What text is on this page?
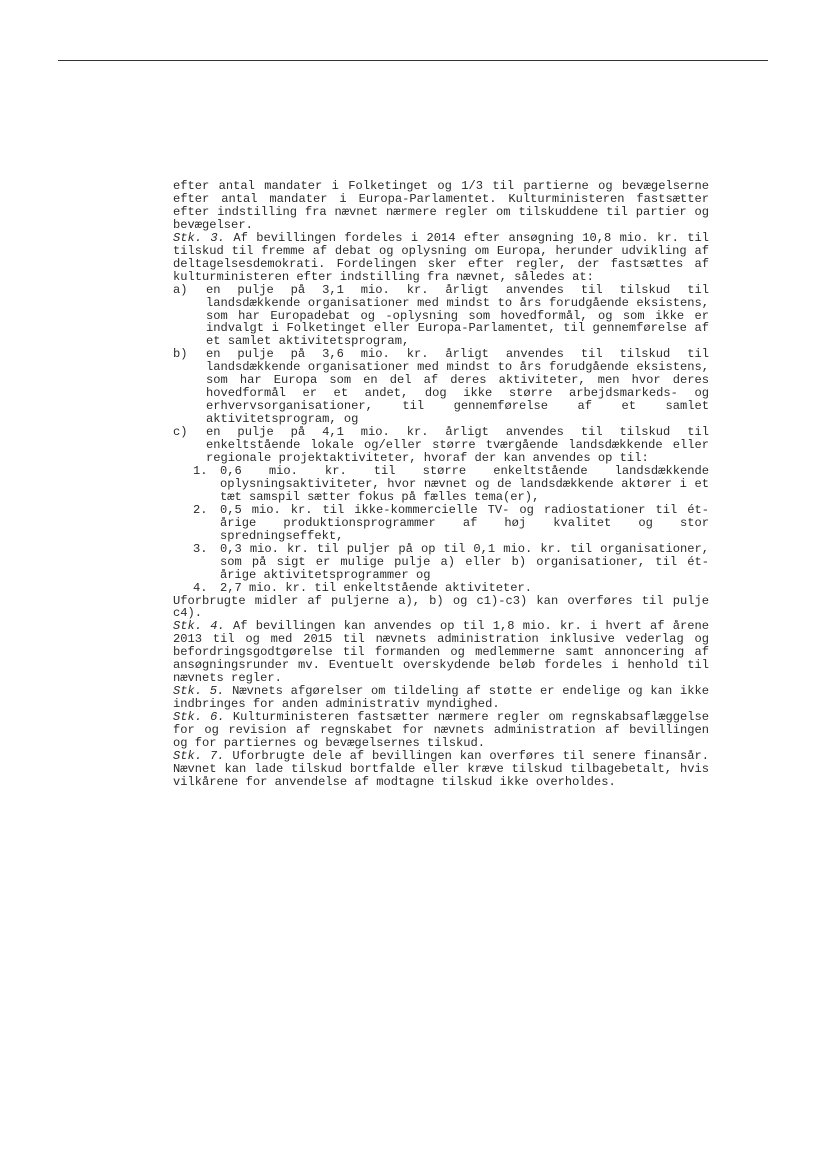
efter antal mandater i Folketinget og 1/3 til partierne og bevægelserne efter antal mandater i Europa-Parlamentet. Kulturministeren fastsætter efter indstilling fra nævnet nærmere regler om tilskuddene til partier og bevægelser.

Stk. 3. Af bevillingen fordeles i 2014 efter ansøgning 10,8 mio. kr. til tilskud til fremme af debat og oplysning om Europa, herunder udvikling af deltagelsesdemokrati. Fordelingen sker efter regler, der fastsættes af kulturministeren efter indstilling fra nævnet, således at:

a) en pulje på 3,1 mio. kr. årligt anvendes til tilskud til landsdækkende organisationer med mindst to års forudgående eksistens, som har Europadebat og -oplysning som hovedformål, og som ikke er indvalgt i Folketinget eller Europa-Parlamentet, til gennemførelse af et samlet aktivitetsprogram,
b) en pulje på 3,6 mio. kr. årligt anvendes til tilskud til landsdækkende organisationer med mindst to års forudgående eksistens, som har Europa som en del af deres aktiviteter, men hvor deres hovedformål er et andet, dog ikke større arbejdsmarkeds- og erhvervsorganisationer, til gennemførelse af et samlet aktivitetsprogram, og
c) en pulje på 4,1 mio. kr. årligt anvendes til tilskud til enkeltstående lokale og/eller større tværgående landsdækkende eller regionale projektaktiviteter, hvoraf der kan anvendes op til:
1. 0,6 mio. kr. til større enkeltstående landsdækkende oplysningsaktiviteter, hvor nævnet og de landsdækkende aktører i et tæt samspil sætter fokus på fælles tema(er),
2. 0,5 mio. kr. til ikke-kommercielle TV- og radiostationer til ét-årige produktionsprogrammer af høj kvalitet og stor spredningseffekt,
3. 0,3 mio. kr. til puljer på op til 0,1 mio. kr. til organisationer, som på sigt er mulige pulje a) eller b) organisationer, til ét-årige aktivitetsprogrammer og
4. 2,7 mio. kr. til enkeltstående aktiviteter.

Uforbrugte midler af puljerne a), b) og c1)-c3) kan overføres til pulje c4).

Stk. 4. Af bevillingen kan anvendes op til 1,8 mio. kr. i hvert af årene 2013 til og med 2015 til nævnets administration inklusive vederlag og befordringsgodtgørelse til formanden og medlemmerne samt annoncering af ansøgningsrunder mv. Eventuelt overskydende beløb fordeles i henhold til nævnets regler.

Stk. 5. Nævnets afgørelser om tildeling af støtte er endelige og kan ikke indbringes for anden administrativ myndighed.

Stk. 6. Kulturministeren fastsætter nærmere regler om regnskabsaflæggelse for og revision af regnskabet for nævnets administration af bevillingen og for partiernes og bevægelsernes tilskud.

Stk. 7. Uforbrugte dele af bevillingen kan overføres til senere finansår. Nævnet kan lade tilskud bortfalde eller kræve tilskud tilbagebetalt, hvis vilkårene for anvendelse af modtagne tilskud ikke overholdes.
